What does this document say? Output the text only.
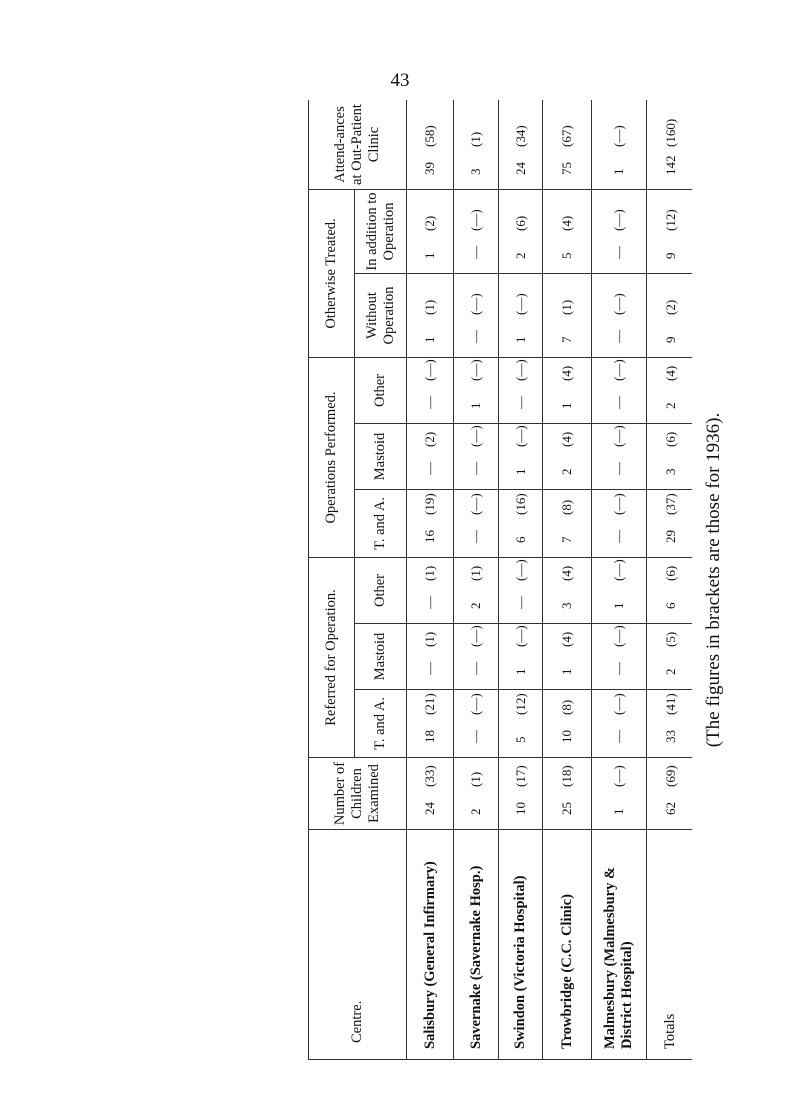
43
Centre.	Number of Children Examined	Referred for Operation.			Operations Performed.			Otherwise Treated.		Attend-ances at Out-Patient Clinic
		T. and A.	Mastoid	Other	T. and A.	Mastoid	Other	Without Operation	In addition to Operation	
Salisbury (General Infirmary)	24(33)	18(21)	—(1)	—(1)	16(19)	—(2)	—(—)	1(1)	1(2)	39(58)
Savernake (Savernake Hosp.)	2(1)	—(—)	—(—)	2(1)	—(—)	—(—)	1(—)	—(—)	—(—)	3(1)
Swindon (Victoria Hospital)	10(17)	5(12)	1(—)	—(—)	6(16)	1(—)	—(—)	1(—)	2(6)	24(34)
Trowbridge (C.C. Clinic)	25(18)	10(8)	1(4)	3(4)	7(8)	2(4)	1(4)	7(1)	5(4)	75(67)
Malmesbury (Malmesbury & District Hospital)	1(—)	—(—)	—(—)	1(—)	—(—)	—(—)	—(—)	—(—)	—(—)	1(—)
Totals	62(69)	33(41)	2(5)	6(6)	29(37)	3(6)	2(4)	9(2)	9(12)	142(160)
(The figures in brackets are those for 1936).
